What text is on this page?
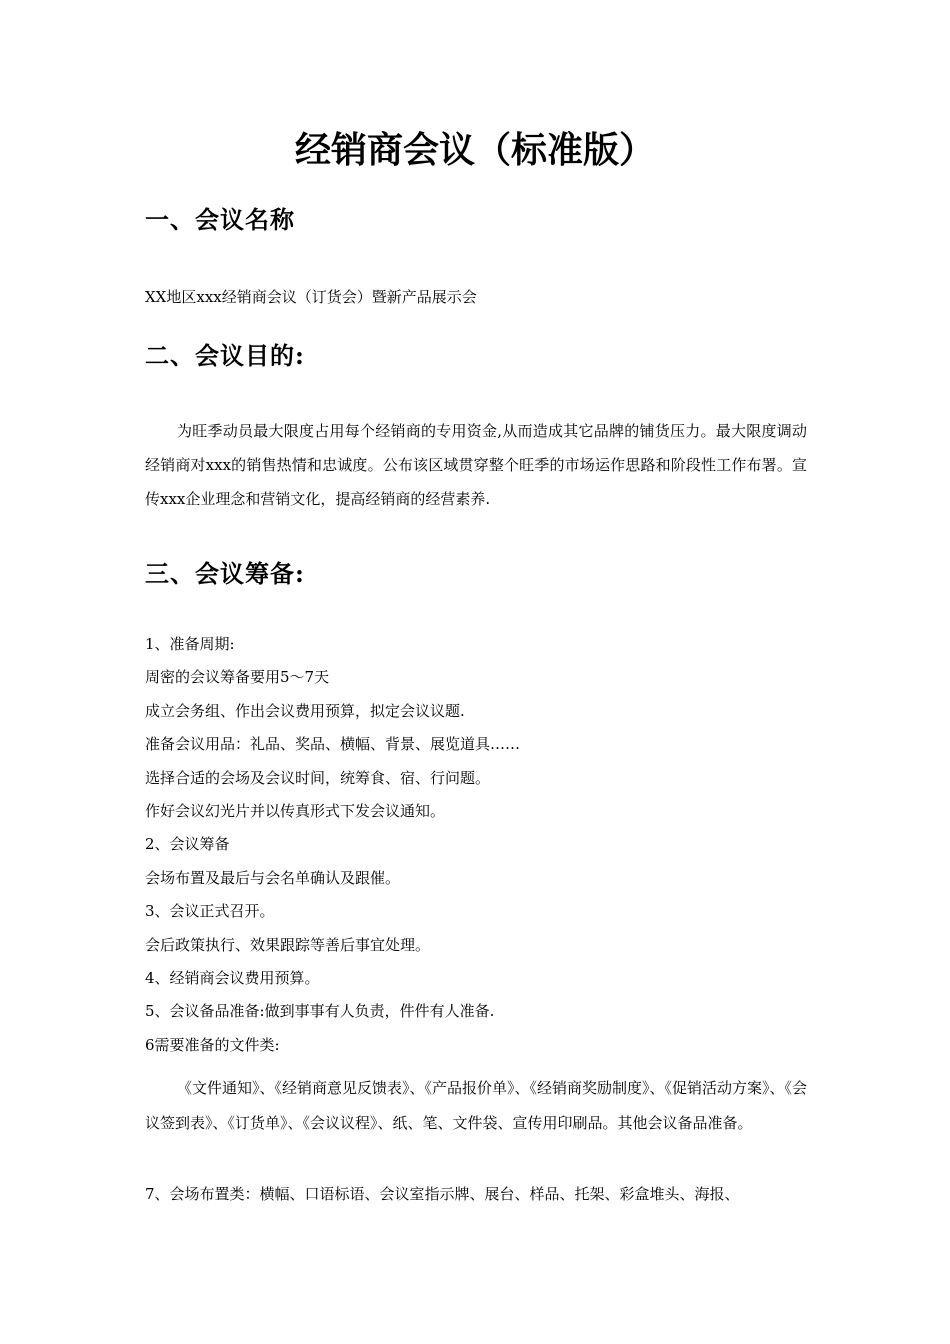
经销商会议（标准版）
一、会议名称

XX地区xxx经销商会议（订货会）暨新产品展示会

二、会议目的:

为旺季动员最大限度占用每个经销商的专用资金,从而造成其它品牌的铺货压力。最大限度调动经销商对xxx的销售热情和忠诚度。公布该区域贯穿整个旺季的市场运作思路和阶段性工作布署。宣传xxx企业理念和营销文化，提高经销商的经营素养.

三、会议筹备:
1、准备周期:
周密的会议筹备要用5～7天
成立会务组、作出会议费用预算，拟定会议议题.
准备会议用品：礼品、奖品、横幅、背景、展览道具……
选择合适的会场及会议时间，统筹食、宿、行问题。
作好会议幻光片并以传真形式下发会议通知。
2、会议筹备
会场布置及最后与会名单确认及跟催。
3、会议正式召开。
会后政策执行、效果跟踪等善后事宜处理。
4、经销商会议费用预算。
5、会议备品准备:做到事事有人负责，件件有人准备.
6需要准备的文件类:

《文件通知》、《经销商意见反馈表》、《产品报价单》、《经销商奖励制度》、《促销活动方案》、《会议签到表》、《订货单》、《会议议程》、纸、笔、文件袋、宣传用印刷品。其他会议备品准备。

7、会场布置类：横幅、口语标语、会议室指示牌、展台、样品、托架、彩盒堆头、海报、
